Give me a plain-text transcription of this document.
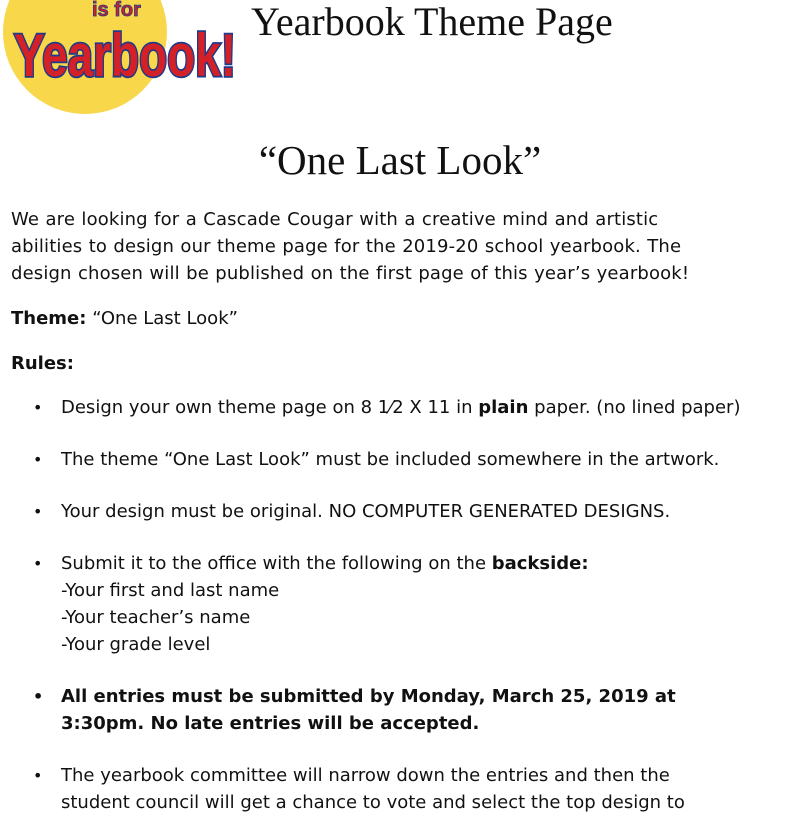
is for
Yearbook!
Yearbook Theme Page
“One Last Look”

We are looking for a Cascade Cougar with a creative mind and artistic
abilities to design our theme page for the 2019-20 school yearbook. The
design chosen will be published on the first page of this year’s yearbook!

Theme: “One Last Look”

Rules:

• Design your own theme page on 8 1⁄2 X 11 in plain paper. (no lined paper)
• The theme “One Last Look” must be included somewhere in the artwork.
• Your design must be original. NO COMPUTER GENERATED DESIGNS.
• Submit it to the office with the following on the backside:
-Your first and last name
-Your teacher’s name
-Your grade level
• All entries must be submitted by Monday, March 25, 2019 at
3:30pm. No late entries will be accepted.
• The yearbook committee will narrow down the entries and then the
student council will get a chance to vote and select the top design to
